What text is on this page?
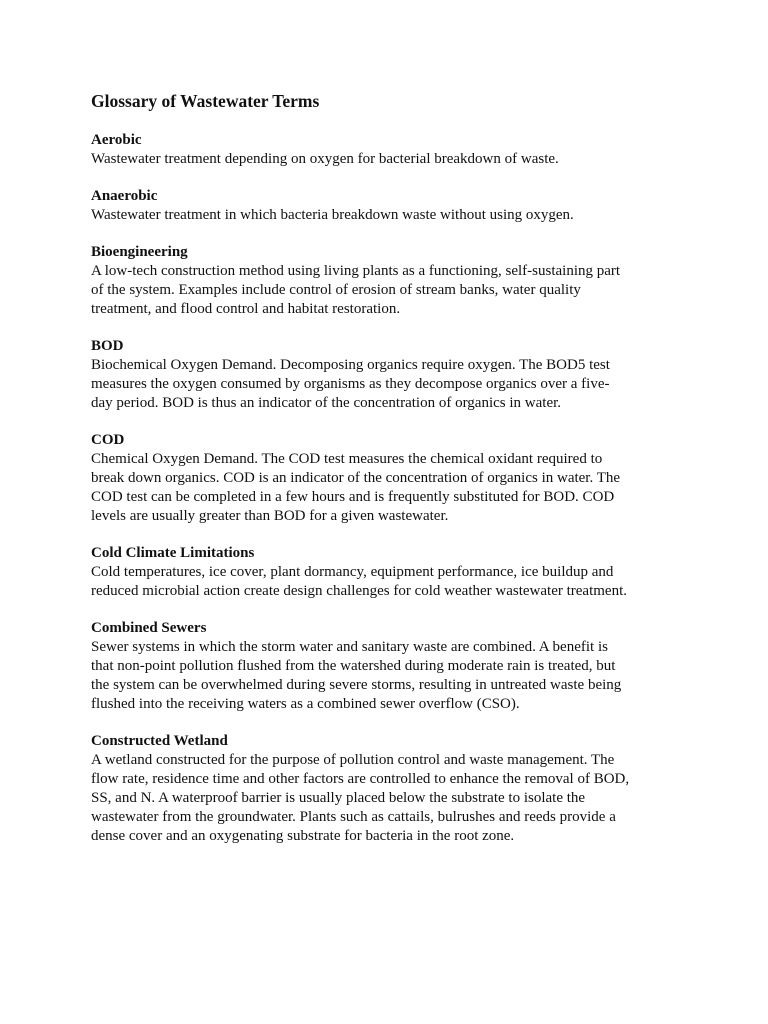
Glossary of Wastewater Terms
Aerobic
Wastewater treatment depending on oxygen for bacterial breakdown of waste.
Anaerobic
Wastewater treatment in which bacteria breakdown waste without using oxygen.
Bioengineering
A low-tech construction method using living plants as a functioning, self-sustaining part
of the system. Examples include control of erosion of stream banks, water quality
treatment, and flood control and habitat restoration.
BOD
Biochemical Oxygen Demand. Decomposing organics require oxygen. The BOD5 test
measures the oxygen consumed by organisms as they decompose organics over a five-
day period. BOD is thus an indicator of the concentration of organics in water.
COD
Chemical Oxygen Demand. The COD test measures the chemical oxidant required to
break down organics. COD is an indicator of the concentration of organics in water. The
COD test can be completed in a few hours and is frequently substituted for BOD. COD
levels are usually greater than BOD for a given wastewater.
Cold Climate Limitations
Cold temperatures, ice cover, plant dormancy, equipment performance, ice buildup and
reduced microbial action create design challenges for cold weather wastewater treatment.
Combined Sewers
Sewer systems in which the storm water and sanitary waste are combined. A benefit is
that non-point pollution flushed from the watershed during moderate rain is treated, but
the system can be overwhelmed during severe storms, resulting in untreated waste being
flushed into the receiving waters as a combined sewer overflow (CSO).
Constructed Wetland
A wetland constructed for the purpose of pollution control and waste management. The
flow rate, residence time and other factors are controlled to enhance the removal of BOD,
SS, and N. A waterproof barrier is usually placed below the substrate to isolate the
wastewater from the groundwater. Plants such as cattails, bulrushes and reeds provide a
dense cover and an oxygenating substrate for bacteria in the root zone.
